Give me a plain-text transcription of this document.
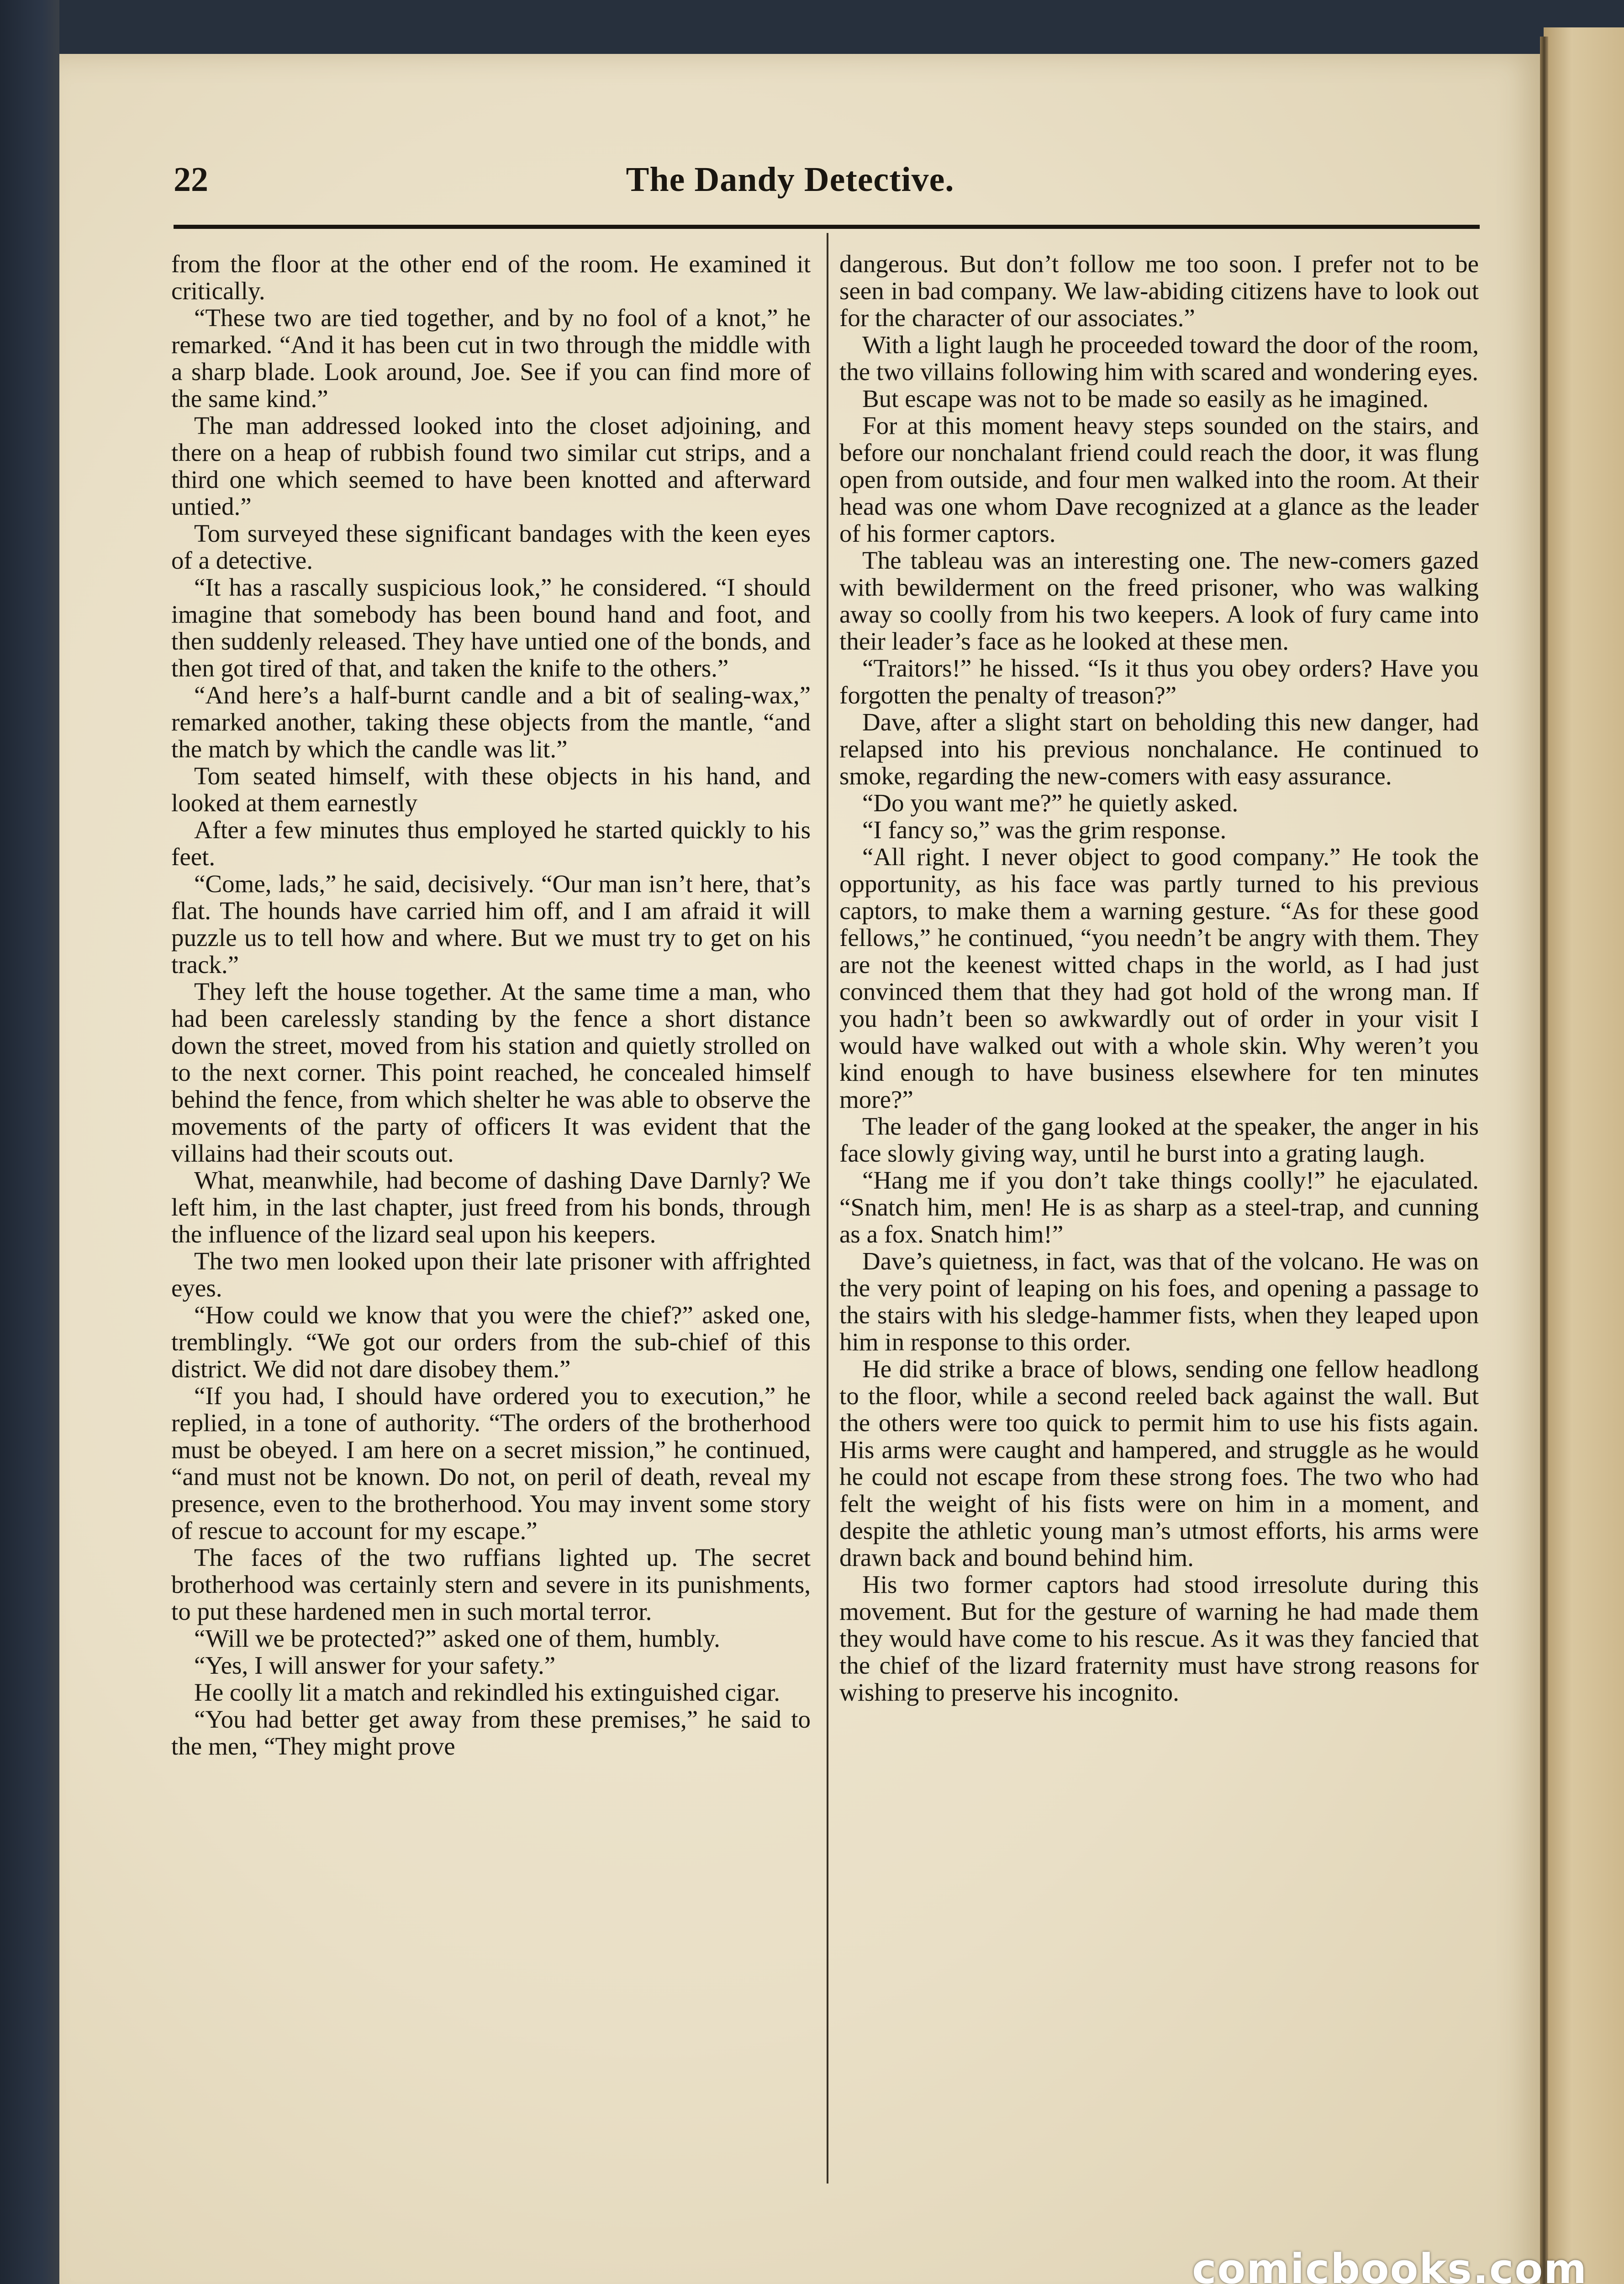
22	The Dandy Detective.

from the floor at the other end of the room. He examined it critically.

“These two are tied together, and by no fool of a knot,” he remarked. “And it has been cut in two through the middle with a sharp blade. Look around, Joe. See if you can find more of the same kind.”

The man addressed looked into the closet adjoining, and there on a heap of rubbish found two similar cut strips, and a third one which seemed to have been knotted and afterward untied.”

Tom surveyed these significant bandages with the keen eyes of a detective.

“It has a rascally suspicious look,” he considered. “I should imagine that somebody has been bound hand and foot, and then suddenly released. They have untied one of the bonds, and then got tired of that, and taken the knife to the others.”

“And here’s a half-burnt candle and a bit of sealing-wax,” remarked another, taking these objects from the mantle, “and the match by which the candle was lit.”

Tom seated himself, with these objects in his hand, and looked at them earnestly

After a few minutes thus employed he started quickly to his feet.

“Come, lads,” he said, decisively. “Our man isn’t here, that’s flat. The hounds have carried him off, and I am afraid it will puzzle us to tell how and where. But we must try to get on his track.”

They left the house together. At the same time a man, who had been carelessly standing by the fence a short distance down the street, moved from his station and quietly strolled on to the next corner. This point reached, he concealed himself behind the fence, from which shelter he was able to observe the movements of the party of officers It was evident that the villains had their scouts out.

What, meanwhile, had become of dashing Dave Darnly? We left him, in the last chapter, just freed from his bonds, through the influence of the lizard seal upon his keepers.

The two men looked upon their late prisoner with affrighted eyes.

“How could we know that you were the chief?” asked one, tremblingly. “We got our orders from the sub-chief of this district. We did not dare disobey them.”

“If you had, I should have ordered you to execution,” he replied, in a tone of authority. “The orders of the brotherhood must be obeyed. I am here on a secret mission,” he continued, “and must not be known. Do not, on peril of death, reveal my presence, even to the brotherhood. You may invent some story of rescue to account for my escape.”

The faces of the two ruffians lighted up. The secret brotherhood was certainly stern and severe in its punishments, to put these hardened men in such mortal terror.

“Will we be protected?” asked one of them, humbly.

“Yes, I will answer for your safety.”

He coolly lit a match and rekindled his extinguished cigar.

“You had better get away from these premises,” he said to the men, “They might prove

dangerous. But don’t follow me too soon. I prefer not to be seen in bad company. We law-abiding citizens have to look out for the character of our associates.”

With a light laugh he proceeded toward the door of the room, the two villains following him with scared and wondering eyes.

But escape was not to be made so easily as he imagined.

For at this moment heavy steps sounded on the stairs, and before our nonchalant friend could reach the door, it was flung open from outside, and four men walked into the room. At their head was one whom Dave recognized at a glance as the leader of his former captors.

The tableau was an interesting one. The new-comers gazed with bewilderment on the freed prisoner, who was walking away so coolly from his two keepers. A look of fury came into their leader’s face as he looked at these men.

“Traitors!” he hissed. “Is it thus you obey orders? Have you forgotten the penalty of treason?”

Dave, after a slight start on beholding this new danger, had relapsed into his previous nonchalance. He continued to smoke, regarding the new-comers with easy assurance.

“Do you want me?” he quietly asked.

“I fancy so,” was the grim response.

“All right. I never object to good company.” He took the opportunity, as his face was partly turned to his previous captors, to make them a warning gesture. “As for these good fellows,” he continued, “you needn’t be angry with them. They are not the keenest witted chaps in the world, as I had just convinced them that they had got hold of the wrong man. If you hadn’t been so awkwardly out of order in your visit I would have walked out with a whole skin. Why weren’t you kind enough to have business elsewhere for ten minutes more?”

The leader of the gang looked at the speaker, the anger in his face slowly giving way, until he burst into a grating laugh.

“Hang me if you don’t take things coolly!” he ejaculated. “Snatch him, men! He is as sharp as a steel-trap, and cunning as a fox. Snatch him!”

Dave’s quietness, in fact, was that of the volcano. He was on the very point of leaping on his foes, and opening a passage to the stairs with his sledge-hammer fists, when they leaped upon him in response to this order.

He did strike a brace of blows, sending one fellow headlong to the floor, while a second reeled back against the wall. But the others were too quick to permit him to use his fists again. His arms were caught and hampered, and struggle as he would he could not escape from these strong foes. The two who had felt the weight of his fists were on him in a moment, and despite the athletic young man’s utmost efforts, his arms were drawn back and bound behind him.

His two former captors had stood irresolute during this movement. But for the gesture of warning he had made them they would have come to his rescue. As it was they fancied that the chief of the lizard fraternity must have strong reasons for wishing to preserve his incognito.

comicbooks.com
